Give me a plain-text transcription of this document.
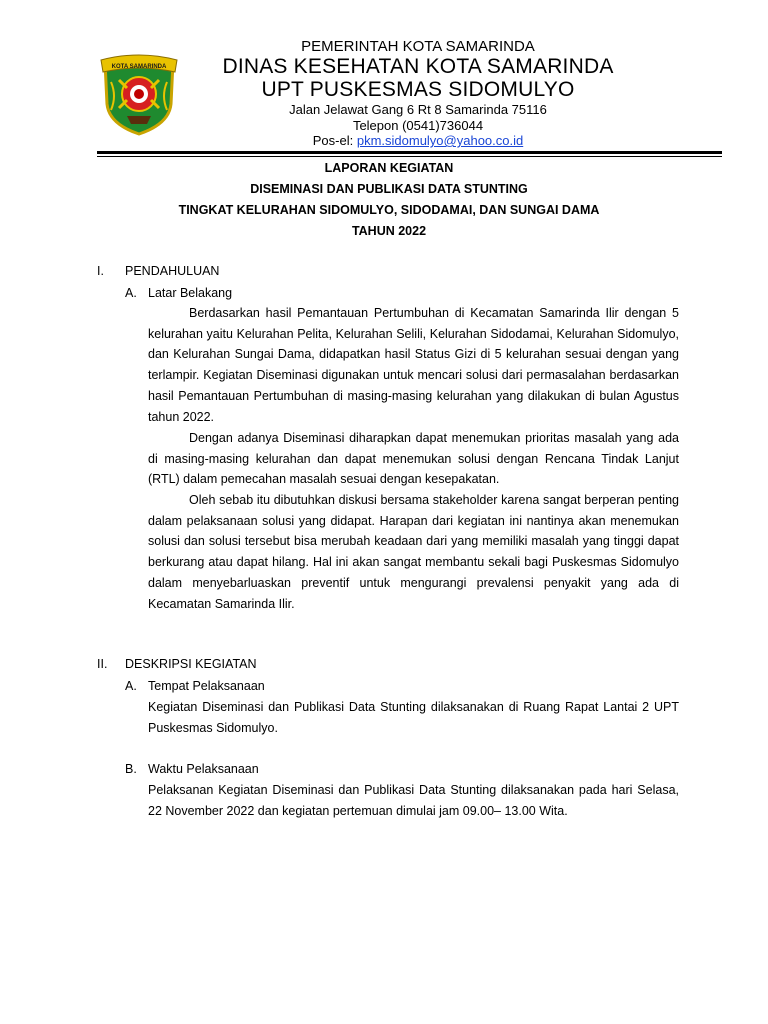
KOTA SAMARINDA
PEMERINTAH KOTA SAMARINDA
DINAS KESEHATAN KOTA SAMARINDA
UPT PUSKESMAS SIDOMULYO
Jalan Jelawat Gang 6 Rt 8 Samarinda 75116
Telepon (0541)736044
Pos-el: pkm.sidomulyo@yahoo.co.id
LAPORAN KEGIATAN
DISEMINASI DAN PUBLIKASI DATA STUNTING
TINGKAT KELURAHAN SIDOMULYO, SIDODAMAI, DAN SUNGAI DAMA
TAHUN 2022
I. PENDAHULUAN
A. Latar Belakang

Berdasarkan hasil Pemantauan Pertumbuhan di Kecamatan Samarinda Ilir dengan 5 kelurahan yaitu Kelurahan Pelita, Kelurahan Selili, Kelurahan Sidodamai, Kelurahan Sidomulyo, dan Kelurahan Sungai Dama, didapatkan hasil Status Gizi di 5 kelurahan sesuai dengan yang terlampir. Kegiatan Diseminasi digunakan untuk mencari solusi dari permasalahan berdasarkan hasil Pemantauan Pertumbuhan di masing-masing kelurahan yang dilakukan di bulan Agustus tahun 2022.

Dengan adanya Diseminasi diharapkan dapat menemukan prioritas masalah yang ada di masing-masing kelurahan dan dapat menemukan solusi dengan Rencana Tindak Lanjut (RTL) dalam pemecahan masalah sesuai dengan kesepakatan.

Oleh sebab itu dibutuhkan diskusi bersama stakeholder karena sangat berperan penting dalam pelaksanaan solusi yang didapat. Harapan dari kegiatan ini nantinya akan menemukan solusi dan solusi tersebut bisa merubah keadaan dari yang memiliki masalah yang tinggi dapat berkurang atau dapat hilang. Hal ini akan sangat membantu sekali bagi Puskesmas Sidomulyo dalam menyebarluaskan preventif untuk mengurangi prevalensi penyakit yang ada di Kecamatan Samarinda Ilir.

II. DESKRIPSI KEGIATAN
A. Tempat Pelaksanaan

Kegiatan Diseminasi dan Publikasi Data Stunting dilaksanakan di Ruang Rapat Lantai 2 UPT Puskesmas Sidomulyo.

B. Waktu Pelaksanaan

Pelaksanan Kegiatan Diseminasi dan Publikasi Data Stunting dilaksanakan pada hari Selasa, 22 November 2022 dan kegiatan pertemuan dimulai jam 09.00– 13.00 Wita.
